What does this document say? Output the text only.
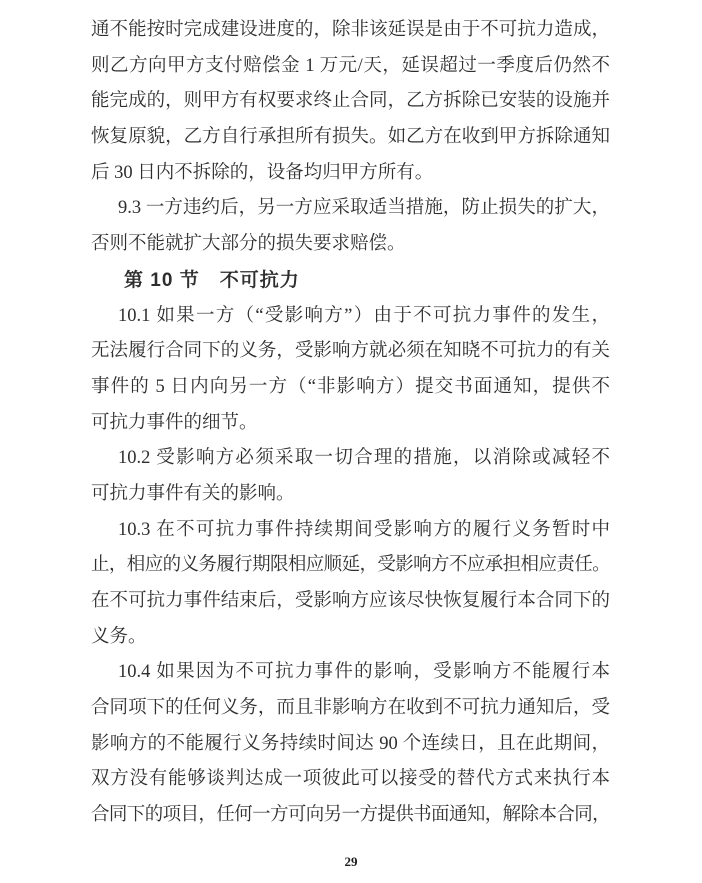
通不能按时完成建设进度的，除非该延误是由于不可抗力造成，
则乙方向甲方支付赔偿金 1 万元/天，延误超过一季度后仍然不
能完成的，则甲方有权要求终止合同，乙方拆除已安装的设施并
恢复原貌，乙方自行承担所有损失。如乙方在收到甲方拆除通知
后 30 日内不拆除的，设备均归甲方所有。
9.3 一方违约后，另一方应采取适当措施，防止损失的扩大，
否则不能就扩大部分的损失要求赔偿。
第 10 节　不可抗力
10.1 如果一方（“受影响方”）由于不可抗力事件的发生，
无法履行合同下的义务，受影响方就必须在知晓不可抗力的有关
事件的 5 日内向另一方（“非影响方）提交书面通知，提供不
可抗力事件的细节。
10.2 受影响方必须采取一切合理的措施，以消除或减轻不
可抗力事件有关的影响。
10.3 在不可抗力事件持续期间受影响方的履行义务暂时中
止，相应的义务履行期限相应顺延，受影响方不应承担相应责任。
在不可抗力事件结束后，受影响方应该尽快恢复履行本合同下的
义务。
10.4 如果因为不可抗力事件的影响，受影响方不能履行本
合同项下的任何义务，而且非影响方在收到不可抗力通知后，受
影响方的不能履行义务持续时间达 90 个连续日，且在此期间，
双方没有能够谈判达成一项彼此可以接受的替代方式来执行本
合同下的项目，任何一方可向另一方提供书面通知，解除本合同，
29
